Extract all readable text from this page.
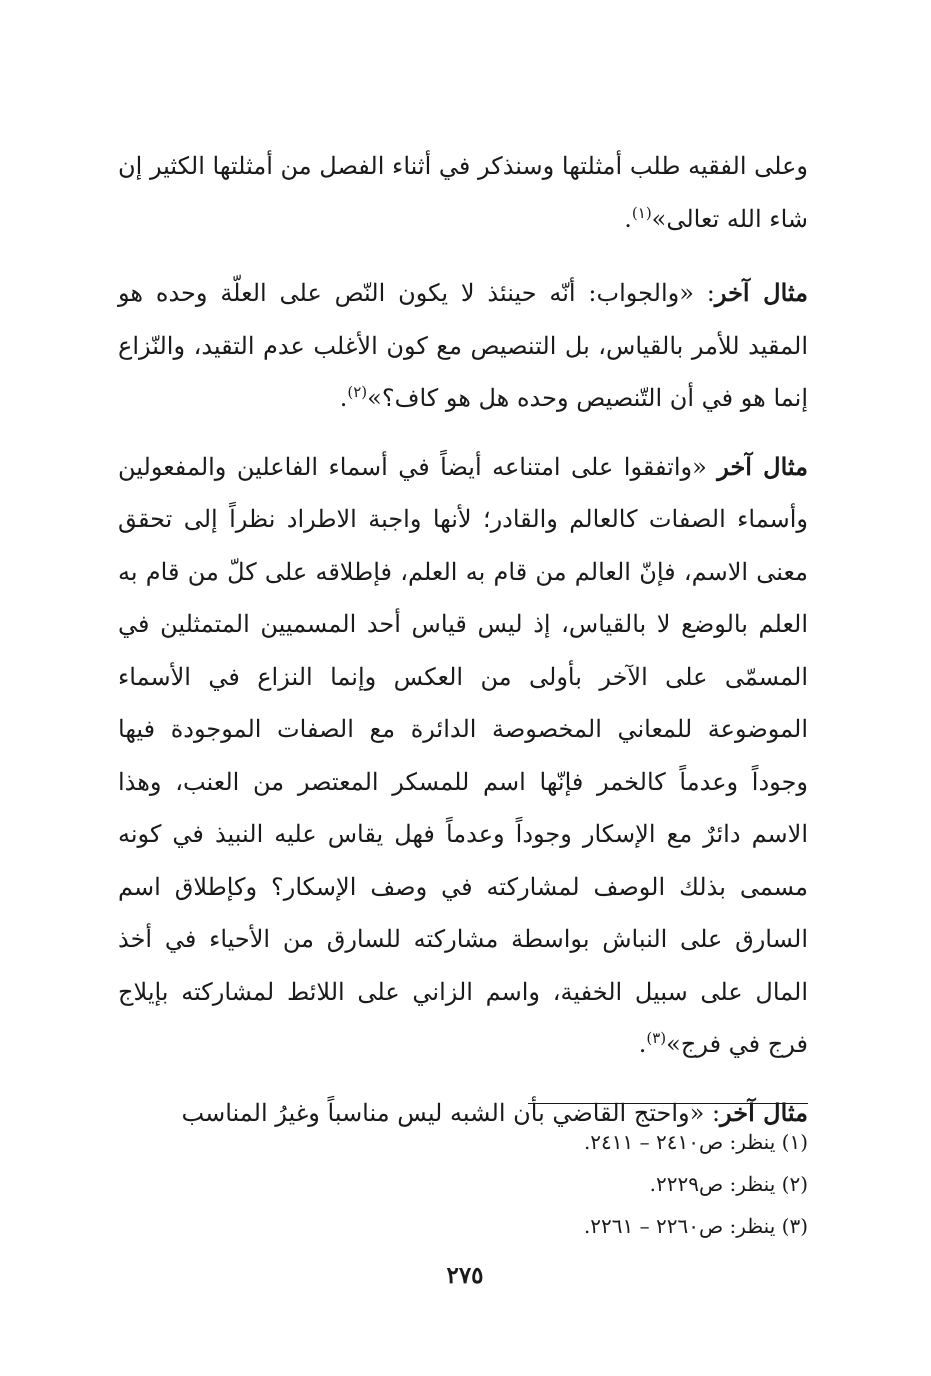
وعلى الفقيه طلب أمثلتها وسنذكر في أثناء الفصل من أمثلتها الكثير إن شاء الله تعالى»$^{(١)}$.

مثال آخر: «والجواب: أنّه حينئذ لا يكون النّص على العلّة وحده هو المقيد للأمر بالقياس، بل التنصيص مع كون الأغلب عدم التقيد، والنّزاع إنما هو في أن التّنصيص وحده هل هو كاف؟»$^{(٢)}$.

مثال آخر «واتفقوا على امتناعه أيضاً في أسماء الفاعلين والمفعولين وأسماء الصفات كالعالم والقادر؛ لأنها واجبة الاطراد نظراً إلى تحقق معنى الاسم، فإنّ العالم من قام به العلم، فإطلاقه على كلّ من قام به العلم بالوضع لا بالقياس، إذ ليس قياس أحد المسميين المتمثلين في المسمّى على الآخر بأولى من العكس وإنما النزاع في الأسماء الموضوعة للمعاني المخصوصة الدائرة مع الصفات الموجودة فيها وجوداً وعدماً كالخمر فإنّها اسم للمسكر المعتصر من العنب، وهذا الاسم دائرٌ مع الإسكار وجوداً وعدماً فهل يقاس عليه النبيذ في كونه مسمى بذلك الوصف لمشاركته في وصف الإسكار؟ وكإطلاق اسم السارق على النباش بواسطة مشاركته للسارق من الأحياء في أخذ المال على سبيل الخفية، واسم الزاني على اللائط لمشاركته بإيلاج فرج في فرج»$^{(٣)}$.

مثال آخر: «واحتج القاضي بأن الشبه ليس مناسباً وغيرُ المناسب

(١) ينظر: ص٢٤١٠ – ٢٤١١.

(٢) ينظر: ص٢٢٢٩.

(٣) ينظر: ص٢٢٦٠ – ٢٢٦١.

٢٧٥
